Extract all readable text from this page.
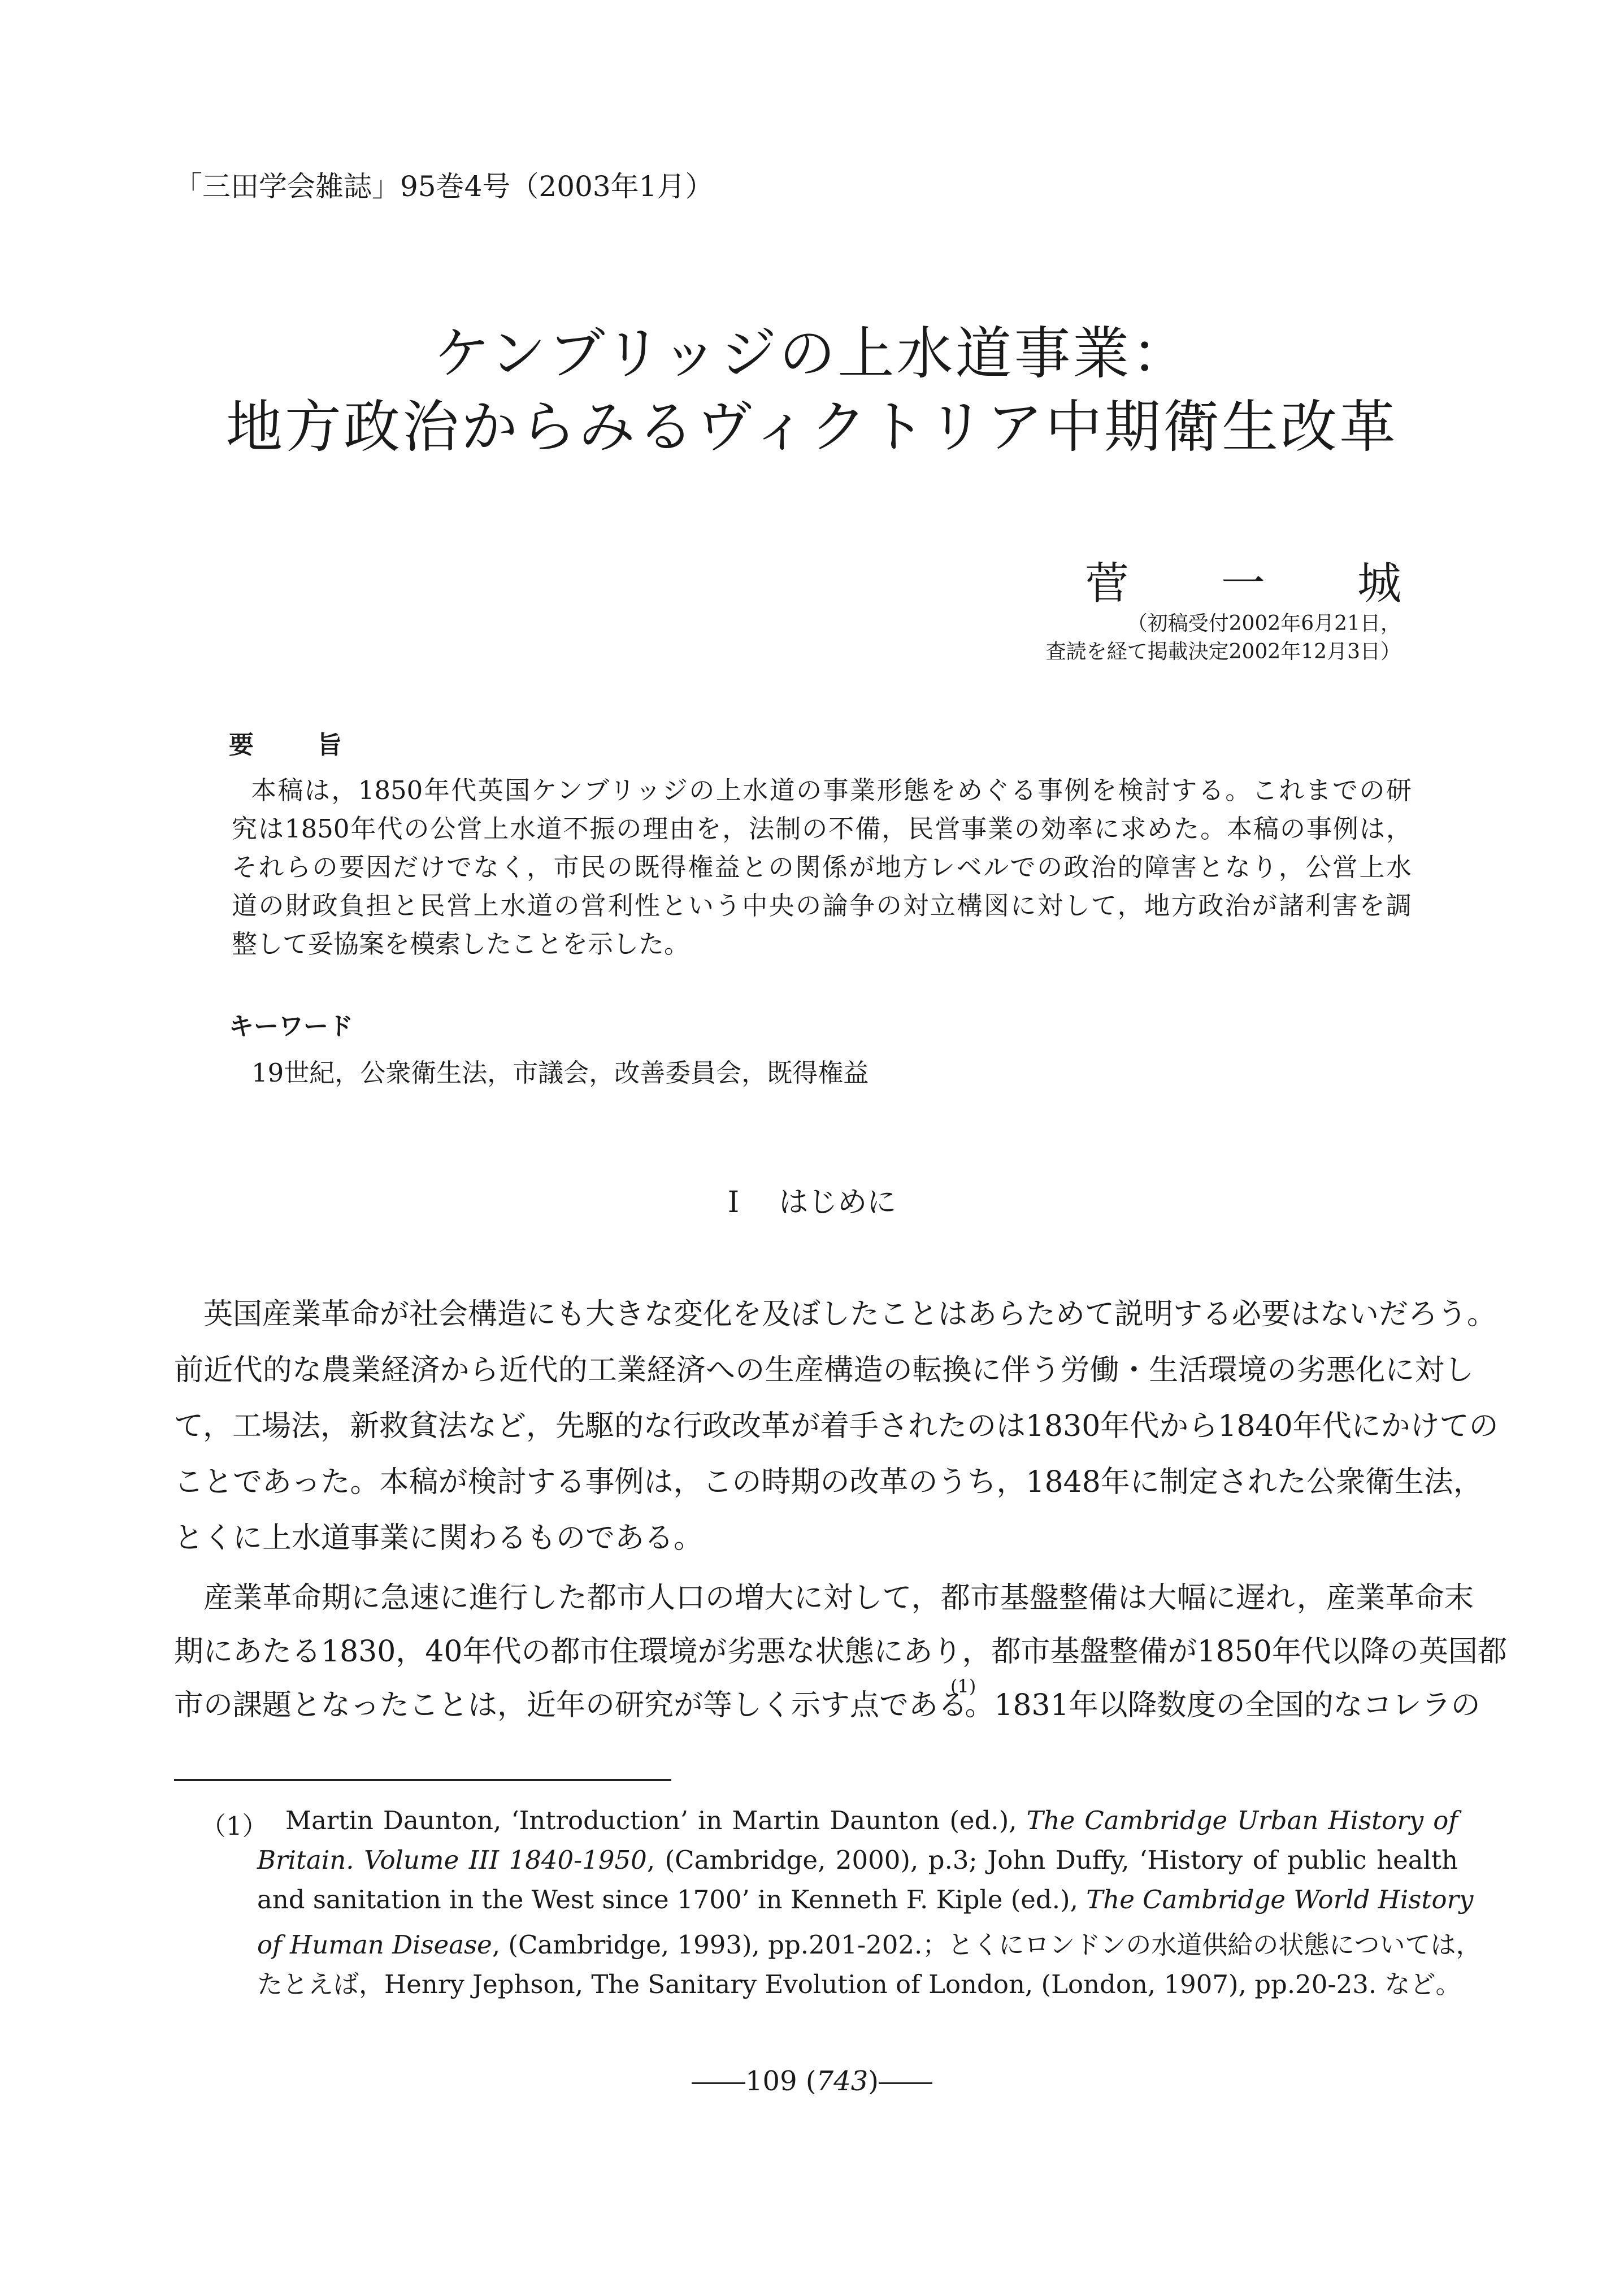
「三田学会雑誌」95巻4号（2003年1月）
ケンブリッジの上水道事業：
地方政治からみるヴィクトリア中期衛生改革
菅 一 城
（初稿受付2002年6月21日，
査読を経て掲載決定2002年12月3日）
要	旨
本稿は，1850年代英国ケンブリッジの上水道の事業形態をめぐる事例を検討する。これまでの研
究は1850年代の公営上水道不振の理由を，法制の不備，民営事業の効率に求めた。本稿の事例は，
それらの要因だけでなく，市民の既得権益との関係が地方レベルでの政治的障害となり，公営上水
道の財政負担と民営上水道の営利性という中央の論争の対立構図に対して，地方政治が諸利害を調
整して妥協案を模索したことを示した。
キーワード
19世紀，公衆衛生法，市議会，改善委員会，既得権益
I はじめに
英国産業革命が社会構造にも大きな変化を及ぼしたことはあらためて説明する必要はないだろう。
前近代的な農業経済から近代的工業経済への生産構造の転換に伴う労働・生活環境の劣悪化に対し
て，工場法，新救貧法など，先駆的な行政改革が着手されたのは1830年代から1840年代にかけての
ことであった。本稿が検討する事例は，この時期の改革のうち，1848年に制定された公衆衛生法，
とくに上水道事業に関わるものである。
産業革命期に急速に進行した都市人口の増大に対して，都市基盤整備は大幅に遅れ，産業革命末
期にあたる1830，40年代の都市住環境が劣悪な状態にあり，都市基盤整備が1850年代以降の英国都
市の課題となったことは，近年の研究が等しく示す点である$^{(1)}$。1831年以降数度の全国的なコレラの
（1） Martin Daunton, ‘Introduction’ in Martin Daunton (ed.), The Cambridge Urban History of
Britain. Volume III 1840-1950, (Cambridge, 2000), p.3; John Duffy, ‘History of public health
and sanitation in the West since 1700’ in Kenneth F. Kiple (ed.), The Cambridge World History
of Human Disease, (Cambridge, 1993), pp.201-202.；とくにロンドンの水道供給の状態については，
たとえば，Henry Jephson, The Sanitary Evolution of London, (London, 1907), pp.20-23. など。
109 (743)
